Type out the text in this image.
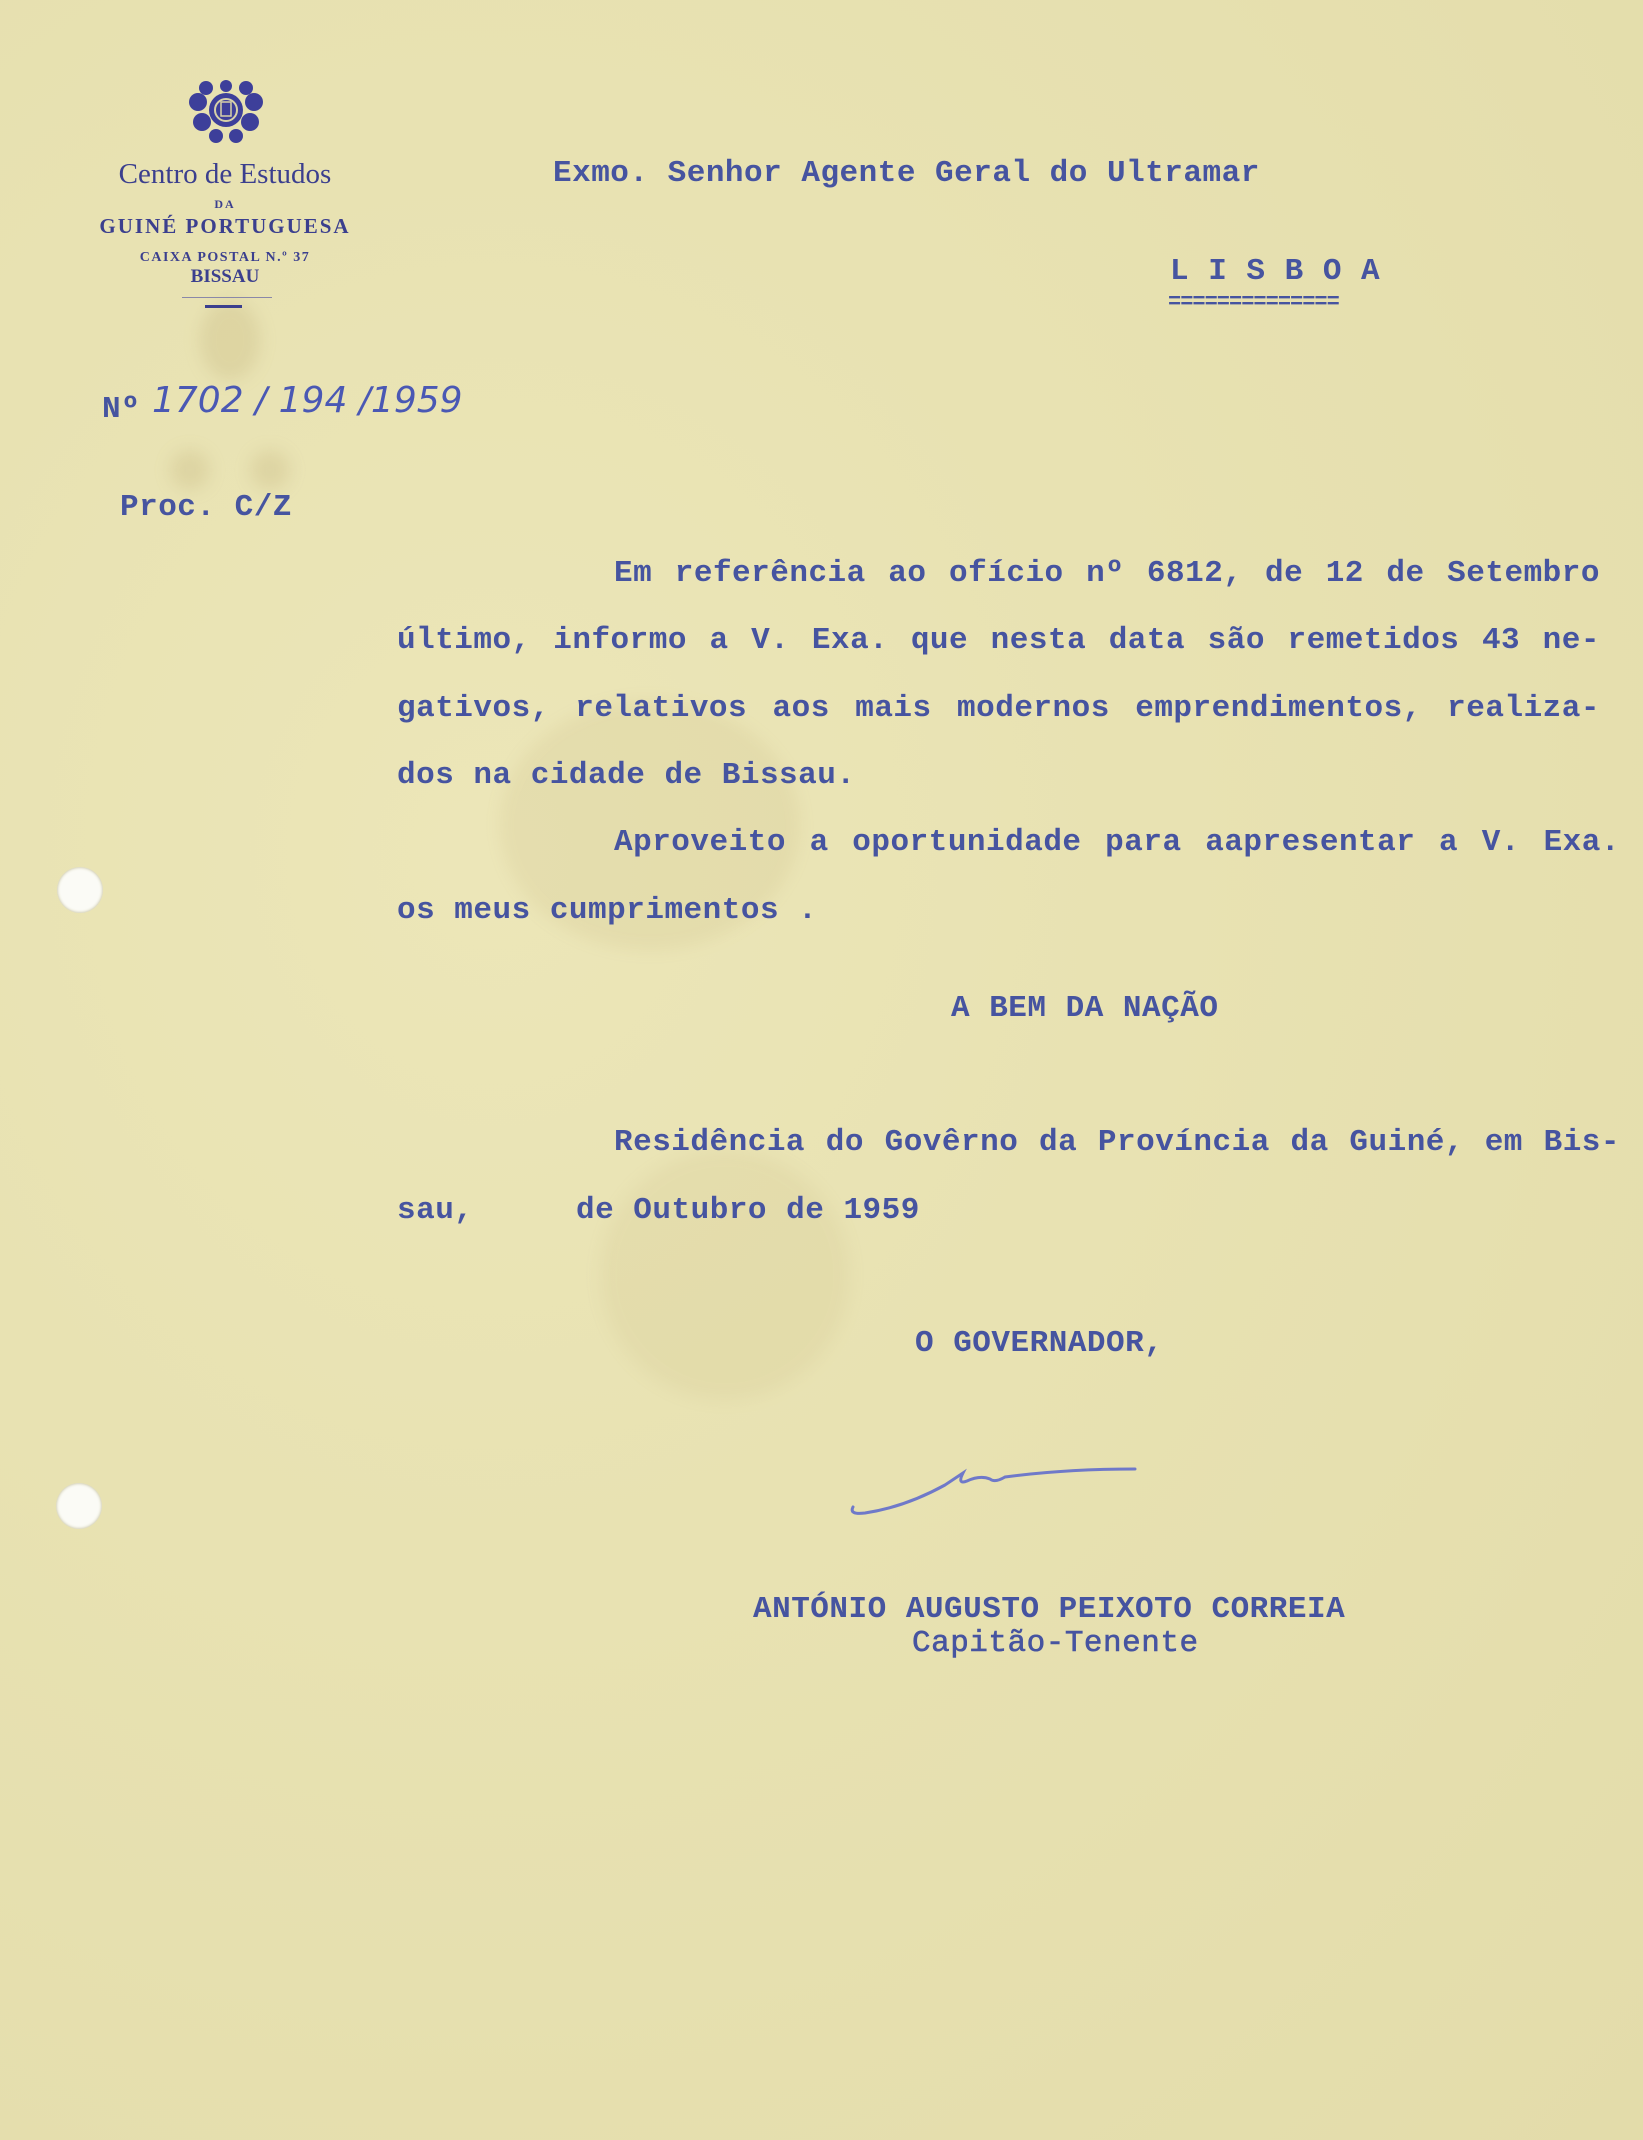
Centro de Estudos
DA
GUINÉ PORTUGUESA
CAIXA POSTAL N.º 37
BISSAU
Exmo. Senhor Agente Geral do Ultramar
L I S B O A
==============
Nº 1702 / 194 /1959
Proc. C/Z
Em referência ao ofício nº 6812, de 12 de Setembro
último, informo a V. Exa. que nesta data são remetidos 43 ne-
gativos, relativos aos mais modernos emprendimentos, realiza-
dos na cidade de Bissau.
Aproveito a oportunidade para aapresentar a V. Exa.
os meus cumprimentos .
A BEM DA NAÇÃO
Residência do Govêrno da Província da Guiné, em Bis-
sau,	de Outubro de 1959
O GOVERNADOR,
ANTÓNIO AUGUSTO PEIXOTO CORREIA
Capitão-Tenente
